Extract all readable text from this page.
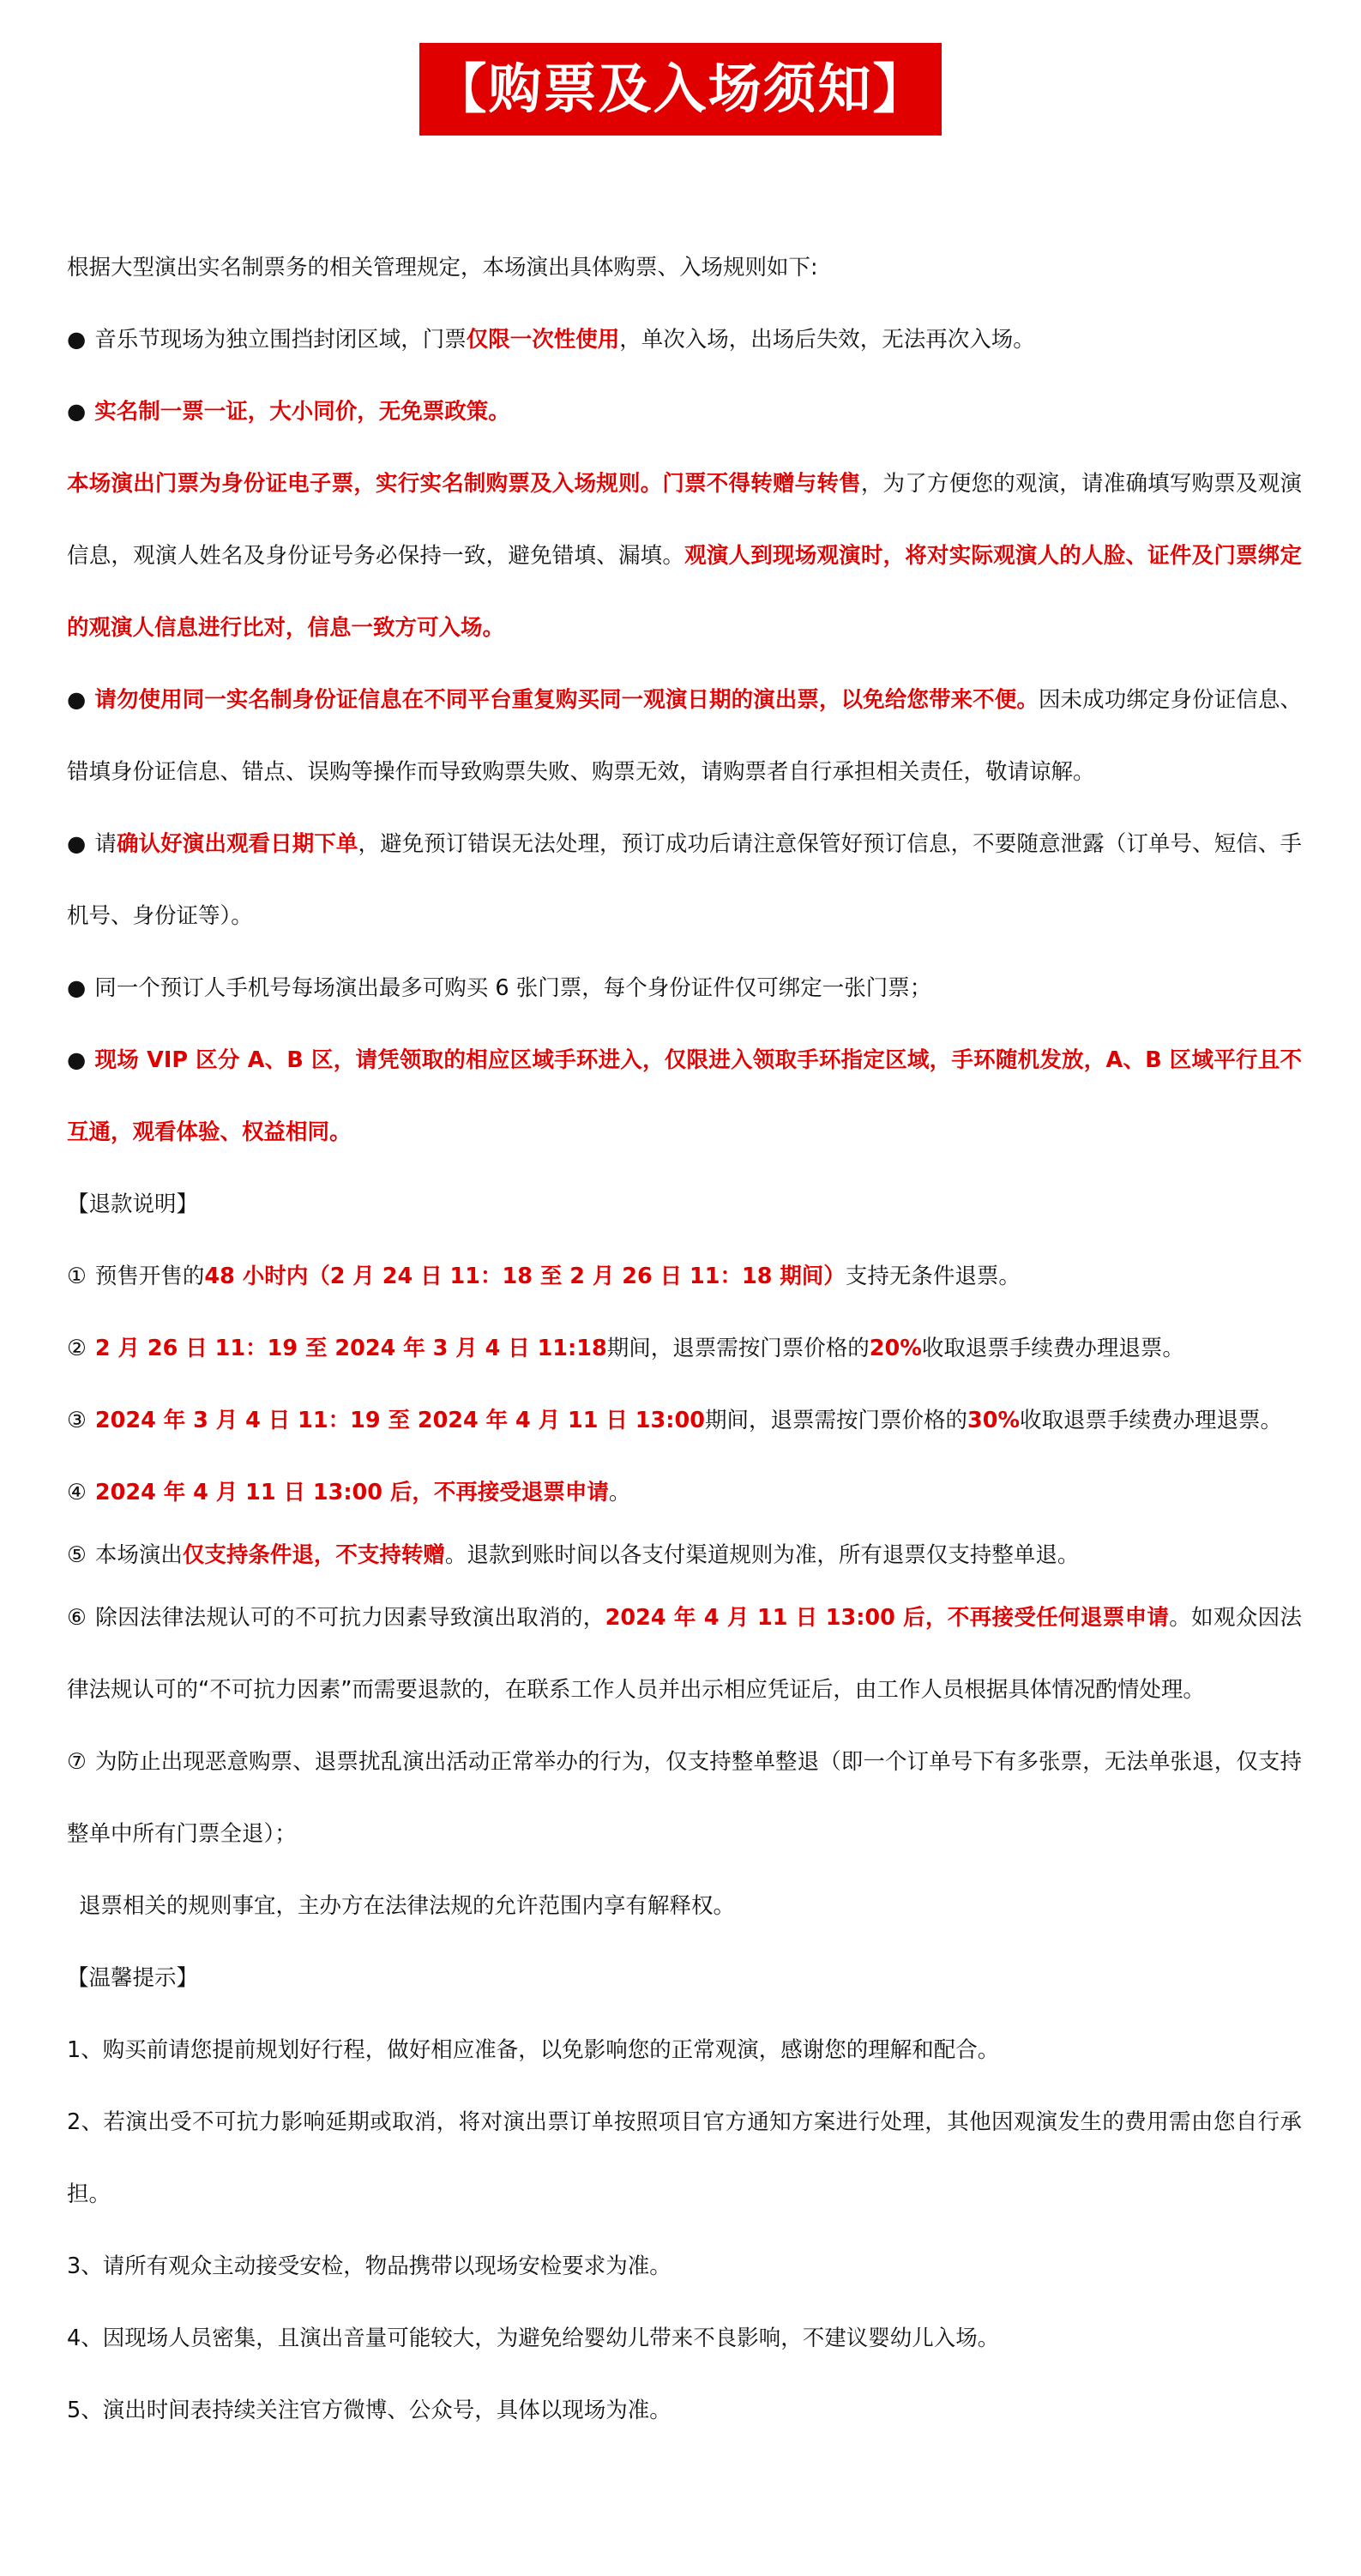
【购票及入场须知】

根据大型演出实名制票务的相关管理规定，本场演出具体购票、入场规则如下:

● 音乐节现场为独立围挡封闭区域，门票仅限一次性使用，单次入场，出场后失效，无法再次入场。

● 实名制一票一证，大小同价，无免票政策。

本场演出门票为身份证电子票，实行实名制购票及入场规则。门票不得转赠与转售，为了方便您的观演，请准确填写购票及观演信息，观演人姓名及身份证号务必保持一致，避免错填、漏填。观演人到现场观演时，将对实际观演人的人脸、证件及门票绑定的观演人信息进行比对，信息一致方可入场。

● 请勿使用同一实名制身份证信息在不同平台重复购买同一观演日期的演出票，以免给您带来不便。因未成功绑定身份证信息、错填身份证信息、错点、误购等操作而导致购票失败、购票无效，请购票者自行承担相关责任，敬请谅解。

● 请确认好演出观看日期下单，避免预订错误无法处理，预订成功后请注意保管好预订信息，不要随意泄露（订单号、短信、手机号、身份证等）。

● 同一个预订人手机号每场演出最多可购买 6 张门票，每个身份证件仅可绑定一张门票；

● 现场 VIP 区分 A、B 区，请凭领取的相应区域手环进入，仅限进入领取手环指定区域，手环随机发放，A、B 区域平行且不互通，观看体验、权益相同。

【退款说明】

① 预售开售的48 小时内（2 月 24 日 11：18 至 2 月 26 日 11：18 期间）支持无条件退票。

② 2 月 26 日 11：19 至 2024 年 3 月 4 日 11:18期间，退票需按门票价格的20%收取退票手续费办理退票。

③ 2024 年 3 月 4 日 11：19 至 2024 年 4 月 11 日 13:00期间，退票需按门票价格的30%收取退票手续费办理退票。

④ 2024 年 4 月 11 日 13:00 后，不再接受退票申请。

⑤ 本场演出仅支持条件退，不支持转赠。退款到账时间以各支付渠道规则为准，所有退票仅支持整单退。

⑥ 除因法律法规认可的不可抗力因素导致演出取消的，2024 年 4 月 11 日 13:00 后，不再接受任何退票申请。如观众因法律法规认可的“不可抗力因素”而需要退款的，在联系工作人员并出示相应凭证后，由工作人员根据具体情况酌情处理。

⑦ 为防止出现恶意购票、退票扰乱演出活动正常举办的行为，仅支持整单整退（即一个订单号下有多张票，无法单张退，仅支持整单中所有门票全退）；

退票相关的规则事宜，主办方在法律法规的允许范围内享有解释权。

【温馨提示】

1、购买前请您提前规划好行程，做好相应准备，以免影响您的正常观演，感谢您的理解和配合。

2、若演出受不可抗力影响延期或取消，将对演出票订单按照项目官方通知方案进行处理，其他因观演发生的费用需由您自行承担。

3、请所有观众主动接受安检，物品携带以现场安检要求为准。

4、因现场人员密集，且演出音量可能较大，为避免给婴幼儿带来不良影响，不建议婴幼儿入场。

5、演出时间表持续关注官方微博、公众号，具体以现场为准。
